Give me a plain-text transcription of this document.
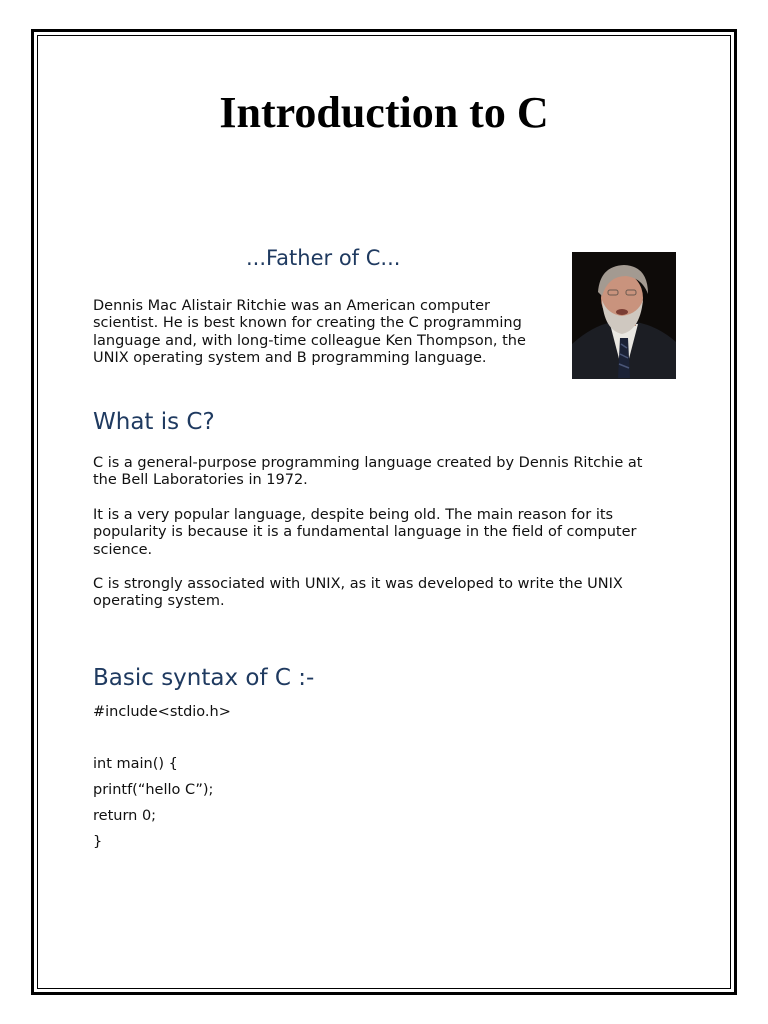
Introduction to C
...Father of C...

Dennis Mac Alistair Ritchie was an American computer
scientist. He is best known for creating the C programming
language and, with long-time colleague Ken Thompson, the
UNIX operating system and B programming language.

What is C?

C is a general-purpose programming language created by Dennis Ritchie at
the Bell Laboratories in 1972.

It is a very popular language, despite being old. The main reason for its
popularity is because it is a fundamental language in the field of computer
science.

C is strongly associated with UNIX, as it was developed to write the UNIX
operating system.

Basic syntax of C :-

#include<stdio.h>

int main() {

printf(“hello C”);

return 0;

}
